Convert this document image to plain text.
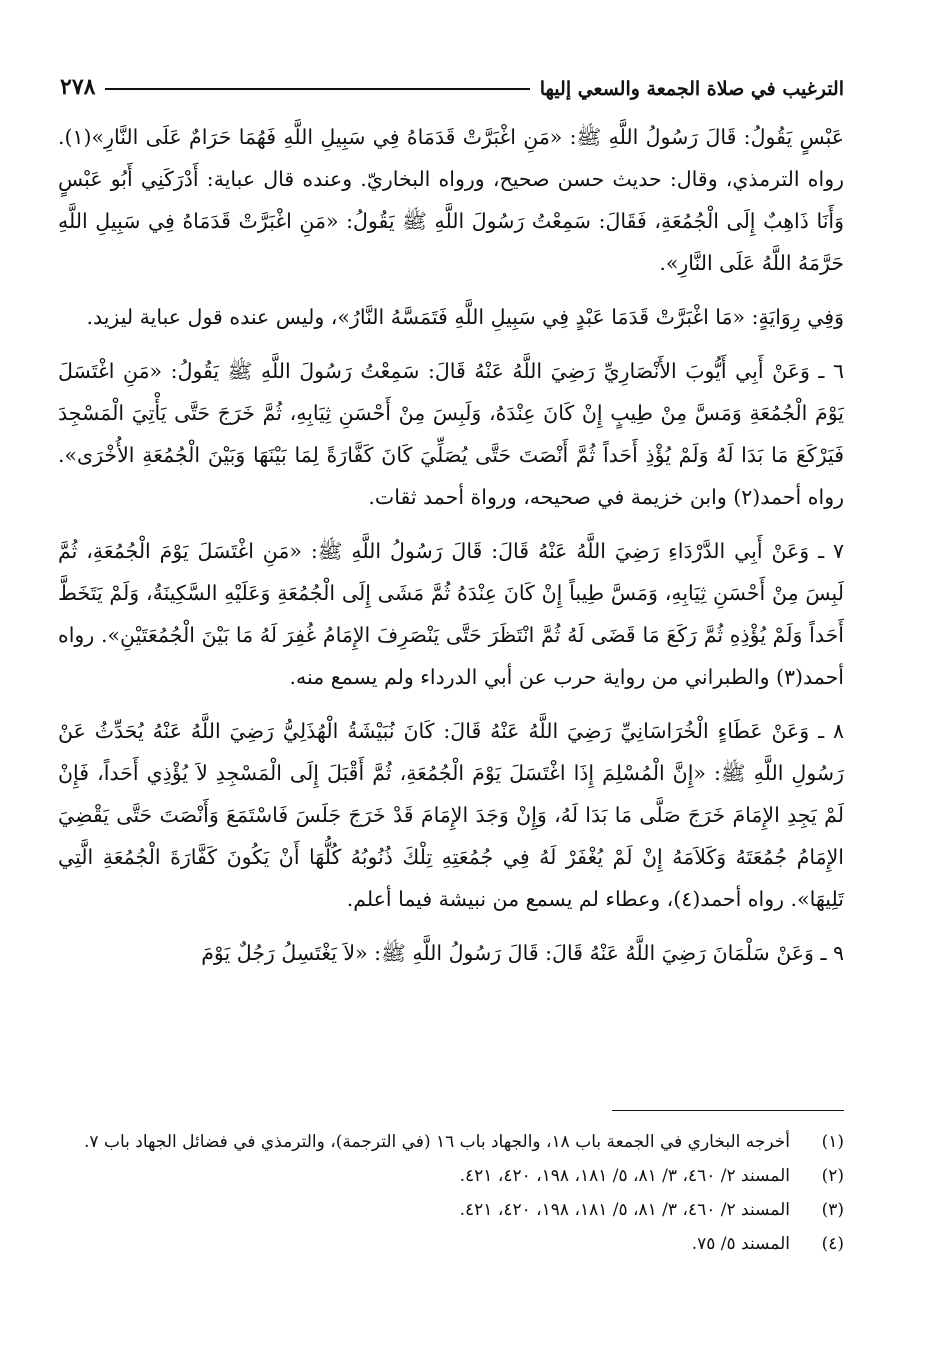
الترغيب في صلاة الجمعة والسعي إليها
٢٧٨

عَبْسٍ يَقُولُ: قَالَ رَسُولُ اللَّهِ ﷺ: «مَنِ اغْبَرَّتْ قَدَمَاهُ فِي سَبِيلِ اللَّهِ فَهُمَا حَرَامٌ عَلَى النَّارِ»(١). رواه الترمذي، وقال: حديث حسن صحيح، ورواه البخاريّ. وعنده قال عباية: أَدْرَكَنِي أَبُو عَبْسٍ وَأَنَا ذَاهِبٌ إِلَى الْجُمُعَةِ، فَقَالَ: سَمِعْتُ رَسُولَ اللَّهِ ﷺ يَقُولُ: «مَنِ اغْبَرَّتْ قَدَمَاهُ فِي سَبِيلِ اللَّهِ حَرَّمَهُ اللَّهُ عَلَى النَّارِ».

وَفِي رِوَايَةٍ: «مَا اغْبَرَّتْ قَدَمَا عَبْدٍ فِي سَبِيلِ اللَّهِ فَتَمَسَّهُ النَّارُ»، وليس عنده قول عباية ليزيد.

٦ ـ وَعَنْ أَبِي أَيُّوبَ الأَنْصَارِيِّ رَضِيَ اللَّهُ عَنْهُ قَالَ: سَمِعْتُ رَسُولَ اللَّهِ ﷺ يَقُولُ: «مَنِ اغْتَسَلَ يَوْمَ الْجُمُعَةِ وَمَسَّ مِنْ طِيبٍ إِنْ كَانَ عِنْدَهُ، وَلَبِسَ مِنْ أَحْسَنِ ثِيَابِهِ، ثُمَّ خَرَجَ حَتَّى يَأْتِيَ الْمَسْجِدَ فَيَرْكَعَ مَا بَدَا لَهُ وَلَمْ يُؤْذِ أَحَداً ثُمَّ أَنْصَتَ حَتَّى يُصَلِّيَ كَانَ كَفَّارَةً لِمَا بَيْنَهَا وَبَيْنَ الْجُمُعَةِ الأُخْرَى». رواه أحمد(٢) وابن خزيمة في صحيحه، ورواة أحمد ثقات.

٧ ـ وَعَنْ أَبِي الدَّرْدَاءِ رَضِيَ اللَّهُ عَنْهُ قَالَ: قَالَ رَسُولُ اللَّهِ ﷺ: «مَنِ اغْتَسَلَ يَوْمَ الْجُمُعَةِ، ثُمَّ لَبِسَ مِنْ أَحْسَنِ ثِيَابِهِ، وَمَسَّ طِيباً إِنْ كَانَ عِنْدَهُ ثُمَّ مَشَى إِلَى الْجُمُعَةِ وَعَلَيْهِ السَّكِينَةُ، وَلَمْ يَتَخَطَّ أَحَداً وَلَمْ يُؤْذِهِ ثُمَّ رَكَعَ مَا قَضَى لَهُ ثُمَّ انْتَظَرَ حَتَّى يَنْصَرِفَ الإِمَامُ غُفِرَ لَهُ مَا بَيْنَ الْجُمُعَتَيْنِ». رواه أحمد(٣) والطبراني من رواية حرب عن أبي الدرداء ولم يسمع منه.

٨ ـ وَعَنْ عَطَاءٍ الْخُرَاسَانِيِّ رَضِيَ اللَّهُ عَنْهُ قَالَ: كَانَ نُبَيْشَةُ الْهُذَلِيُّ رَضِيَ اللَّهُ عَنْهُ يُحَدِّثُ عَنْ رَسُولِ اللَّهِ ﷺ: «إِنَّ الْمُسْلِمَ إِذَا اغْتَسَلَ يَوْمَ الْجُمُعَةِ، ثُمَّ أَقْبَلَ إِلَى الْمَسْجِدِ لاَ يُؤْذِي أَحَداً، فَإِنْ لَمْ يَجِدِ الإِمَامَ خَرَجَ صَلَّى مَا بَدَا لَهُ، وَإِنْ وَجَدَ الإِمَامَ قَدْ خَرَجَ جَلَسَ فَاسْتَمَعَ وَأَنْصَتَ حَتَّى يَقْضِيَ الإِمَامُ جُمُعَتَهُ وَكَلاَمَهُ إِنْ لَمْ يُغْفَرْ لَهُ فِي جُمُعَتِهِ تِلْكَ ذُنُوبُهُ كُلُّهَا أَنْ يَكُونَ كَفَّارَةَ الْجُمُعَةِ الَّتِي تَلِيهَا». رواه أحمد(٤)، وعطاء لم يسمع من نبيشة فيما أعلم.

٩ ـ وَعَنْ سَلْمَانَ رَضِيَ اللَّهُ عَنْهُ قَالَ: قَالَ رَسُولُ اللَّهِ ﷺ: «لاَ يَغْتَسِلُ رَجُلٌ يَوْمَ

(١)
أخرجه البخاري في الجمعة باب ١٨، والجهاد باب ١٦ (في الترجمة)، والترمذي في فضائل الجهاد باب ٧.
(٢)
المسند ٢/ ٤٦٠، ٣/ ٨١، ٥/ ١٨١، ١٩٨، ٤٢٠، ٤٢١.
(٣)
المسند ٢/ ٤٦٠، ٣/ ٨١، ٥/ ١٨١، ١٩٨، ٤٢٠، ٤٢١.
(٤)
المسند ٥/ ٧٥.
